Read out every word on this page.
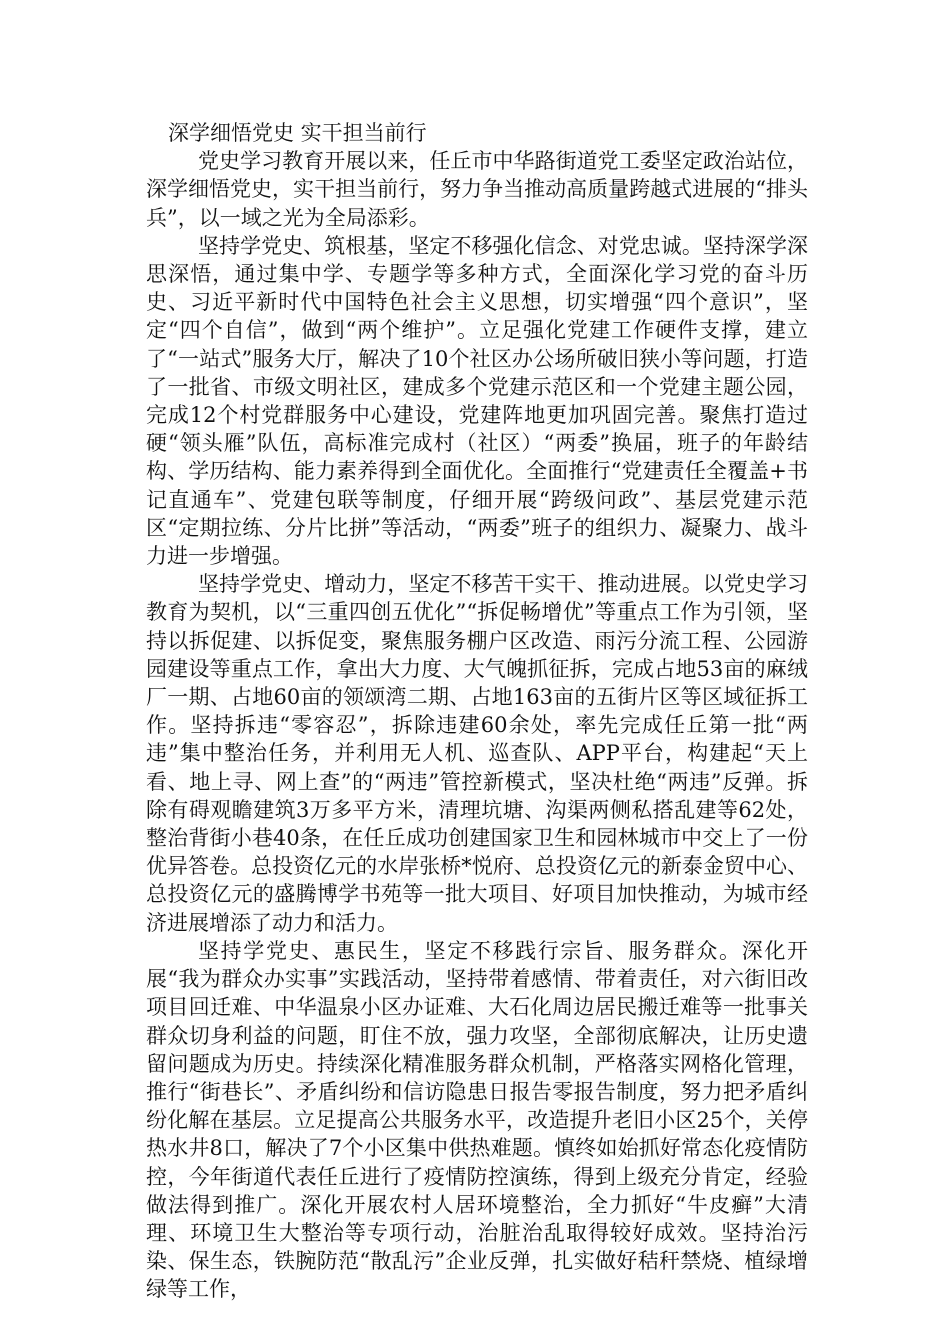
深学细悟党史 实干担当前行

党史学习教育开展以来，任丘市中华路街道党工委坚定政治站位，深学细悟党史，实干担当前行，努力争当推动高质量跨越式进展的“排头兵”，以一域之光为全局添彩。

坚持学党史、筑根基，坚定不移强化信念、对党忠诚。坚持深学深思深悟，通过集中学、专题学等多种方式，全面深化学习党的奋斗历史、习近平新时代中国特色社会主义思想，切实增强“四个意识”，坚定“四个自信”，做到“两个维护”。立足强化党建工作硬件支撑，建立了“一站式”服务大厅，解决了10个社区办公场所破旧狭小等问题，打造了一批省、市级文明社区，建成多个党建示范区和一个党建主题公园，完成12个村党群服务中心建设，党建阵地更加巩固完善。聚焦打造过硬“领头雁”队伍，高标准完成村（社区）“两委”换届，班子的年龄结构、学历结构、能力素养得到全面优化。全面推行“党建责任全覆盖+书记直通车”、党建包联等制度，仔细开展“跨级问政”、基层党建示范区“定期拉练、分片比拼”等活动，“两委”班子的组织力、凝聚力、战斗力进一步增强。

坚持学党史、增动力，坚定不移苦干实干、推动进展。以党史学习教育为契机，以“三重四创五优化”“拆促畅增优”等重点工作为引领，坚持以拆促建、以拆促变，聚焦服务棚户区改造、雨污分流工程、公园游园建设等重点工作，拿出大力度、大气魄抓征拆，完成占地53亩的麻绒厂一期、占地60亩的领颂湾二期、占地163亩的五街片区等区域征拆工作。坚持拆违“零容忍”，拆除违建60余处，率先完成任丘第一批“两违”集中整治任务，并利用无人机、巡查队、APP平台，构建起“天上看、地上寻、网上查”的“两违”管控新模式，坚决杜绝“两违”反弹。拆除有碍观瞻建筑3万多平方米，清理坑塘、沟渠两侧私搭乱建等62处，整治背街小巷40条，在任丘成功创建国家卫生和园林城市中交上了一份优异答卷。总投资亿元的水岸张桥*悦府、总投资亿元的新泰金贸中心、总投资亿元的盛腾博学书苑等一批大项目、好项目加快推动，为城市经济进展增添了动力和活力。

坚持学党史、惠民生，坚定不移践行宗旨、服务群众。深化开展“我为群众办实事”实践活动，坚持带着感情、带着责任，对六街旧改项目回迁难、中华温泉小区办证难、大石化周边居民搬迁难等一批事关群众切身利益的问题，盯住不放，强力攻坚，全部彻底解决，让历史遗留问题成为历史。持续深化精准服务群众机制，严格落实网格化管理，推行“街巷长”、矛盾纠纷和信访隐患日报告零报告制度，努力把矛盾纠纷化解在基层。立足提高公共服务水平，改造提升老旧小区25个，关停热水井8口，解决了7个小区集中供热难题。慎终如始抓好常态化疫情防控，今年街道代表任丘进行了疫情防控演练，得到上级充分肯定，经验做法得到推广。深化开展农村人居环境整治，全力抓好“牛皮癣”大清理、环境卫生大整治等专项行动，治脏治乱取得较好成效。坚持治污染、保生态，铁腕防范“散乱污”企业反弹，扎实做好秸秆禁烧、植绿增绿等工作，
